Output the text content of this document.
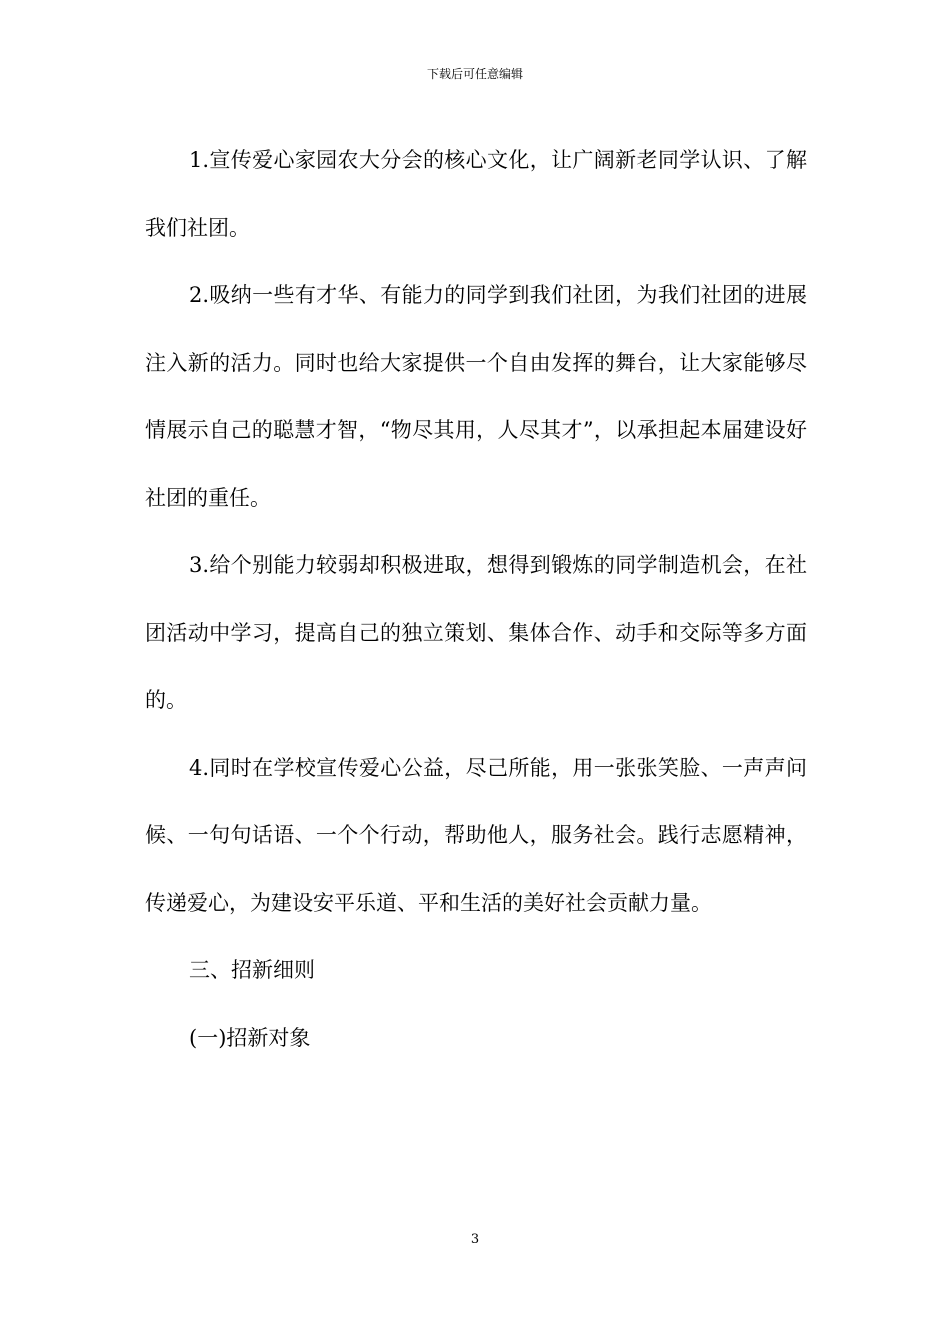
下载后可任意编辑

1.宣传爱心家园农大分会的核心文化，让广阔新老同学认识、了解我们社团。

2.吸纳一些有才华、有能力的同学到我们社团，为我们社团的进展注入新的活力。同时也给大家提供一个自由发挥的舞台，让大家能够尽情展示自己的聪慧才智，“物尽其用，人尽其才”，以承担起本届建设好社团的重任。

3.给个别能力较弱却积极进取，想得到锻炼的同学制造机会，在社团活动中学习，提高自己的独立策划、集体合作、动手和交际等多方面的。

4.同时在学校宣传爱心公益，尽己所能，用一张张笑脸、一声声问候、一句句话语、一个个行动，帮助他人，服务社会。践行志愿精神，传递爱心，为建设安平乐道、平和生活的美好社会贡献力量。

三、招新细则

(一)招新对象

3
